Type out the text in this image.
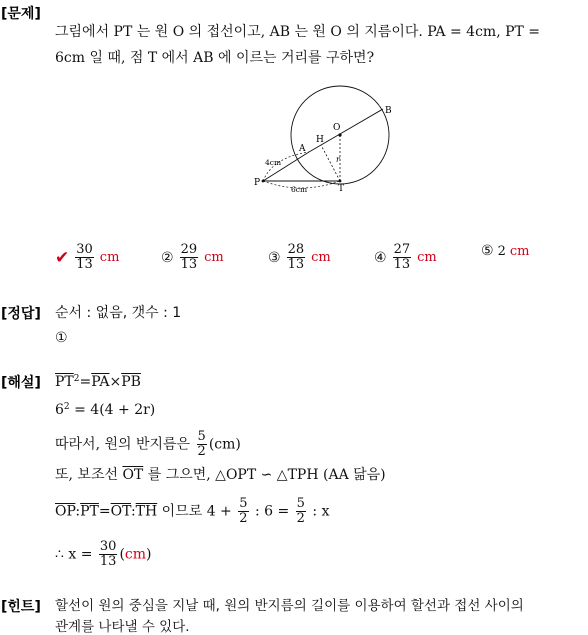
[문제]
그림에서 PT 는 원 O 의 접선이고, AB 는 원 O 의 지름이다. PA = 4cm, PT =
6cm 일 때, 점 T 에서 AB 에 이르는 거리를 구하면?
B
O
H
A
P
T
r
4cm
6cm
✔ $\frac{30}{13}$ cm	② $\frac{29}{13}$ cm	③ $\frac{28}{13}$ cm	④ $\frac{27}{13}$ cm	⑤ 2 cm
[정답] 순서 : 없음, 갯수 : 1
①
[해설] $\overline{PT}^2=\overline{PA}\times\overline{PB}$
$6^2 = 4(4 + 2r)$
따라서, 원의 반지름은 $\frac{5}{2} (cm)$
또, 보조선 $\overline{OT}$ 를 그으면, △OPT ∽ △TPH (AA 닮음)
$\overline{OP}:\overline{PT}=\overline{OT}:\overline{TH}$ 이므로 $4 + \frac{5}{2}$ : $6 = \frac{5}{2}$ : x
∴ $x = \frac{30}{13} (cm)$
[힌트] 할선이 원의 중심을 지날 때, 원의 반지름의 길이를 이용하여 할선과 접선 사이의
관계를 나타낼 수 있다.
